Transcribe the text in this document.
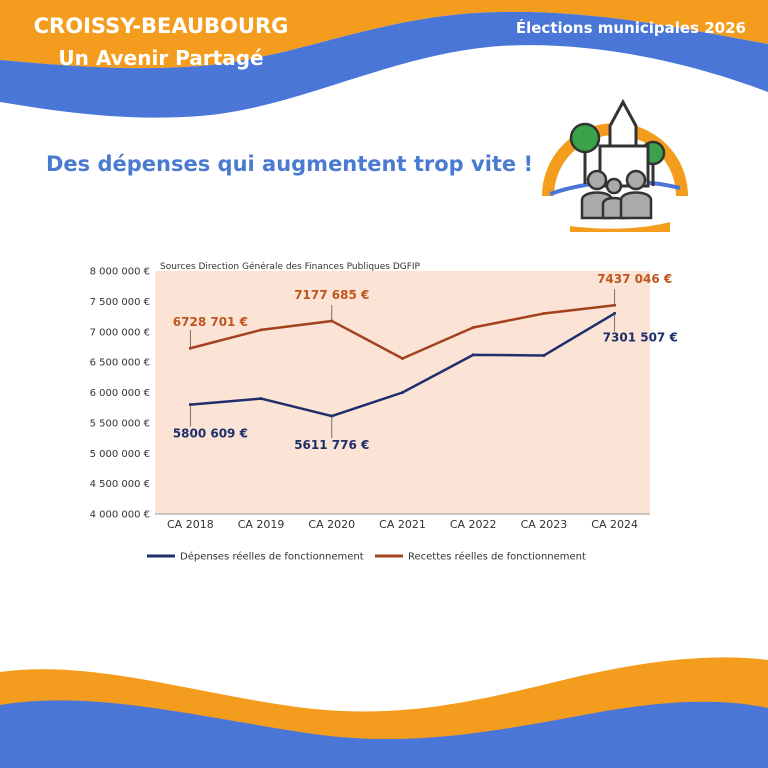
CROISSY-BEAUBOURG
Un Avenir Partagé
Élections municipales 2026
Des dépenses qui augmentent trop vite !
Sources Direction Générale des Finances Publiques DGFIP
4 000 000 €
4 500 000 €
5 000 000 €
5 500 000 €
6 000 000 €
6 500 000 €
7 000 000 €
7 500 000 €
8 000 000 €
CA 2018 CA 2019 CA 2020 CA 2021 CA 2022 CA 2023 CA 2024
5800 609 €
5611 776 €
7301 507 €
6728 701 €
7177 685 €
7437 046 €
Dépenses réelles de fonctionnement	Recettes réelles de fonctionnement
